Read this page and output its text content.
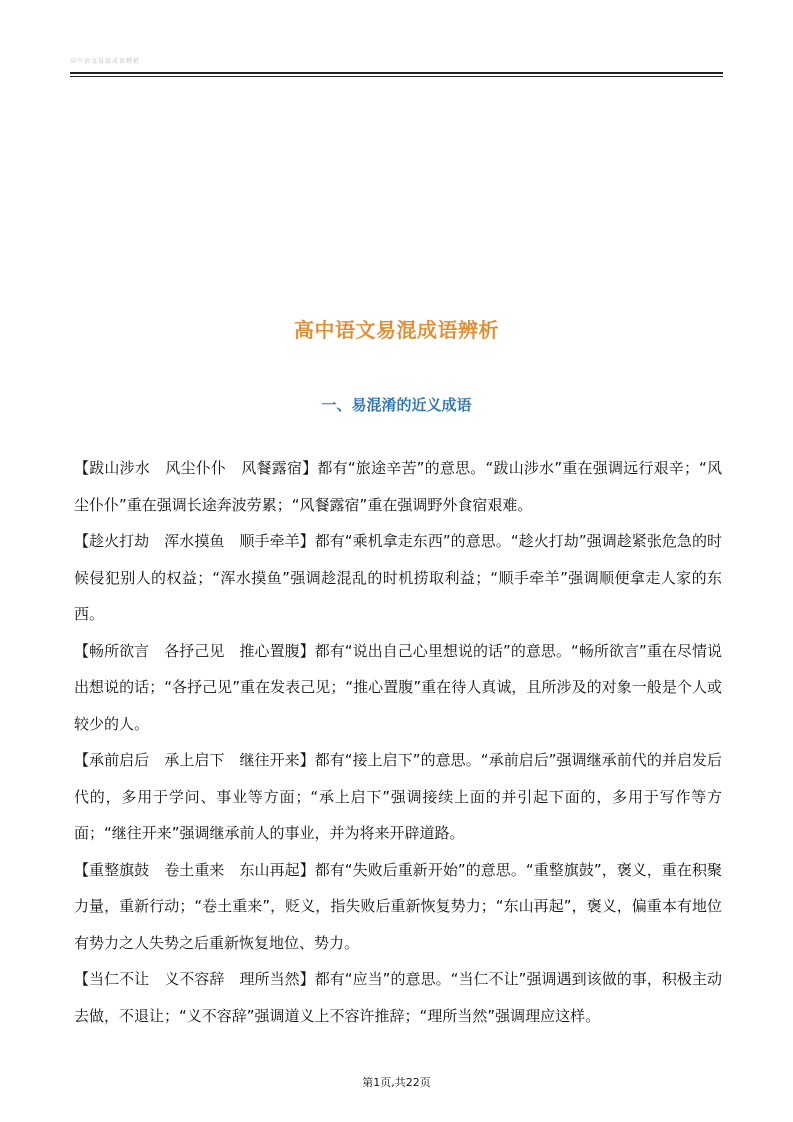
高中语文易混成语辨析
高中语文易混成语辨析
一、易混淆的近义成语

【跋山涉水　风尘仆仆　风餐露宿】都有“旅途辛苦”的意思。“跋山涉水”重在强调远行艰辛；“风尘仆仆”重在强调长途奔波劳累；“风餐露宿”重在强调野外食宿艰难。

【趁火打劫　浑水摸鱼　顺手牵羊】都有“乘机拿走东西”的意思。“趁火打劫”强调趁紧张危急的时候侵犯别人的权益；“浑水摸鱼”强调趁混乱的时机捞取利益；“顺手牵羊”强调顺便拿走人家的东西。

【畅所欲言　各抒己见　推心置腹】都有“说出自己心里想说的话”的意思。“畅所欲言”重在尽情说出想说的话；“各抒己见”重在发表己见；“推心置腹”重在待人真诚，且所涉及的对象一般是个人或较少的人。

【承前启后　承上启下　继往开来】都有“接上启下”的意思。“承前启后”强调继承前代的并启发后代的，多用于学问、事业等方面；“承上启下”强调接续上面的并引起下面的，多用于写作等方面；“继往开来”强调继承前人的事业，并为将来开辟道路。

【重整旗鼓　卷土重来　东山再起】都有“失败后重新开始”的意思。“重整旗鼓”，褒义，重在积聚力量，重新行动；“卷土重来”，贬义，指失败后重新恢复势力；“东山再起”，褒义，偏重本有地位有势力之人失势之后重新恢复地位、势力。

【当仁不让　义不容辞　理所当然】都有“应当”的意思。“当仁不让”强调遇到该做的事，积极主动去做，不退让；“义不容辞”强调道义上不容许推辞；“理所当然”强调理应这样。

第1页,共22页
